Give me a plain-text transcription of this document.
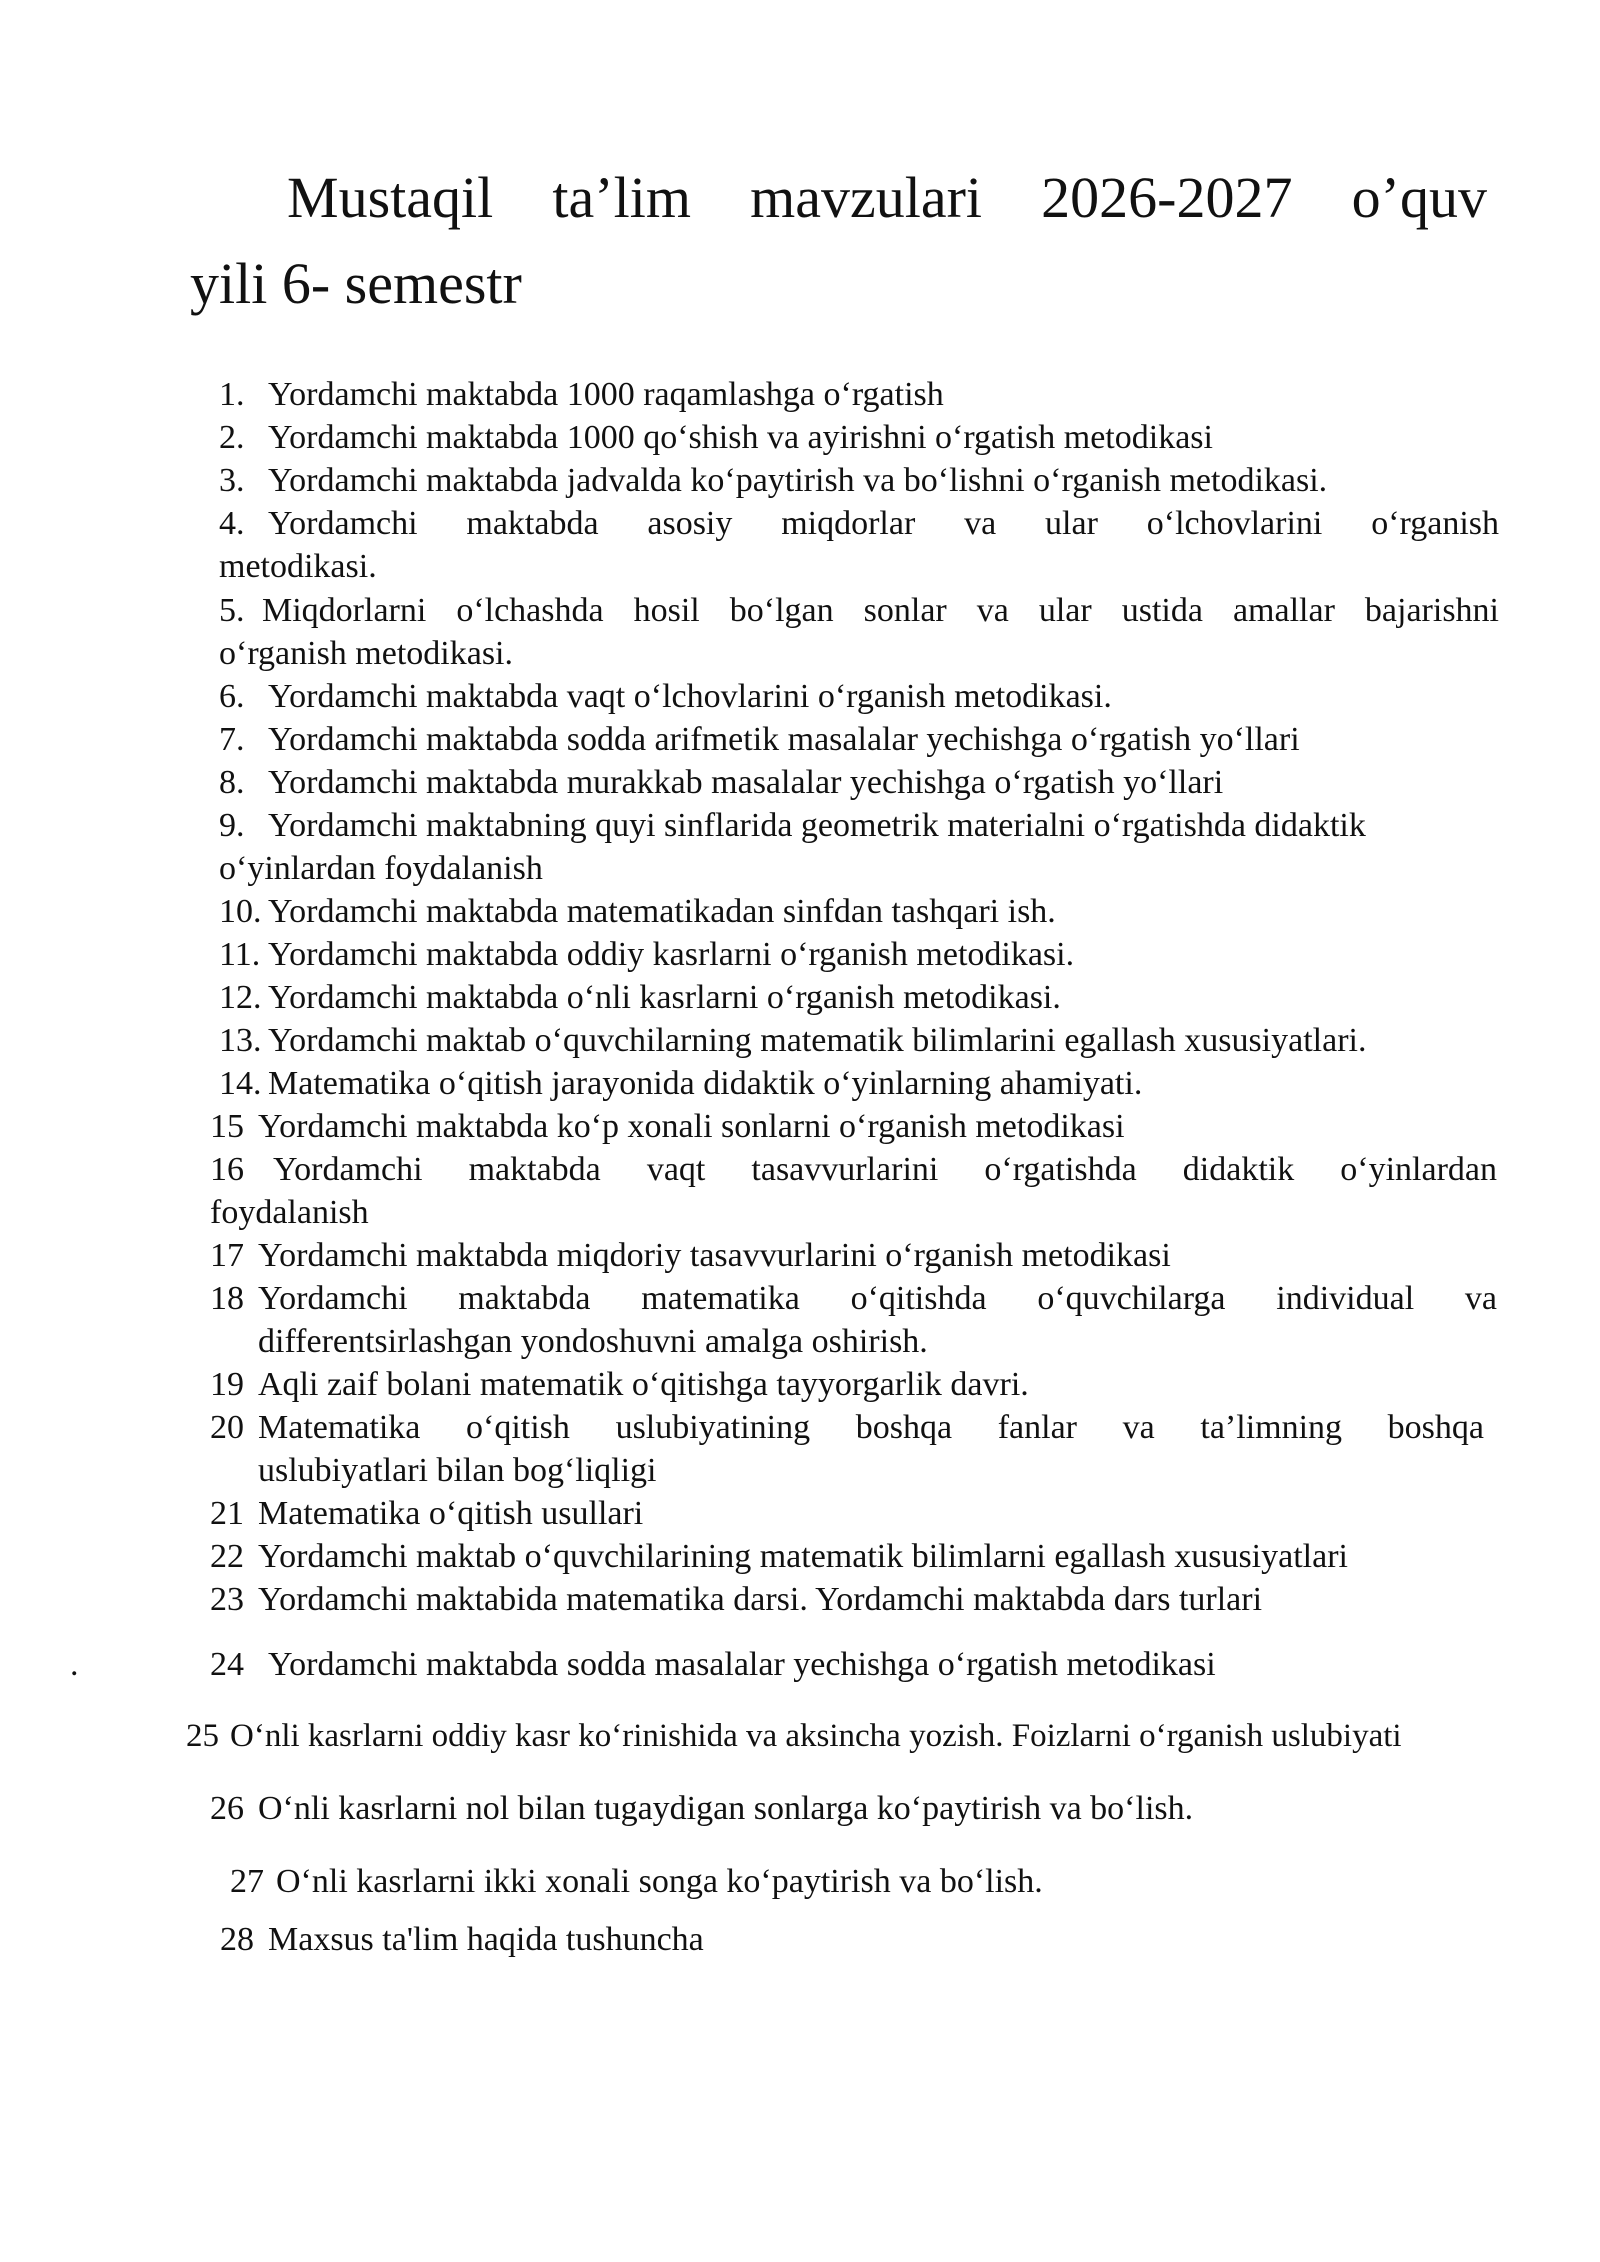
Mustaqil ta’lim mavzulari 2026-2027 o’quv
yili 6- semestr
1. Yordamchi maktabda 1000 raqamlashga o‘rgatish
2. Yordamchi maktabda 1000 qo‘shish va ayirishni o‘rgatish metodikasi
3. Yordamchi maktabda jadvalda ko‘paytirish va bo‘lishni o‘rganish metodikasi.
4. Yordamchi maktabda asosiy miqdorlar va ular o‘lchovlarini o‘rganish
metodikasi.
5. Miqdorlarni o‘lchashda hosil bo‘lgan sonlar va ular ustida amallar bajarishni
o‘rganish metodikasi.
6. Yordamchi maktabda vaqt o‘lchovlarini o‘rganish metodikasi.
7. Yordamchi maktabda sodda arifmetik masalalar yechishga o‘rgatish yo‘llari
8. Yordamchi maktabda murakkab masalalar yechishga o‘rgatish yo‘llari
9. Yordamchi maktabning quyi sinflarida geometrik materialni o‘rgatishda didaktik
o‘yinlardan foydalanish
10. Yordamchi maktabda matematikadan sinfdan tashqari ish.
11. Yordamchi maktabda oddiy kasrlarni o‘rganish metodikasi.
12. Yordamchi maktabda o‘nli kasrlarni o‘rganish metodikasi.
13. Yordamchi maktab o‘quvchilarning matematik bilimlarini egallash xususiyatlari.
14. Matematika o‘qitish jarayonida didaktik o‘yinlarning ahamiyati.
15 Yordamchi maktabda ko‘p xonali sonlarni o‘rganish metodikasi
16 Yordamchi maktabda vaqt tasavvurlarini o‘rgatishda didaktik o‘yinlardan
foydalanish
17 Yordamchi maktabda miqdoriy tasavvurlarini o‘rganish metodikasi
18 Yordamchi maktabda matematika o‘qitishda o‘quvchilarga individual va
differentsirlashgan yondoshuvni amalga oshirish.
19 Aqli zaif bolani matematik o‘qitishga tayyorgarlik davri.
20 Matematika o‘qitish uslubiyatining boshqa fanlar va ta’limning boshqa
uslubiyatlari bilan bog‘liqligi
21 Matematika o‘qitish usullari
22 Yordamchi maktab o‘quvchilarining matematik bilimlarni egallash xususiyatlari
23 Yordamchi maktabida matematika darsi. Yordamchi maktabda dars turlari
.	24 Yordamchi maktabda sodda masalalar yechishga o‘rgatish metodikasi
25 O‘nli kasrlarni oddiy kasr ko‘rinishida va aksincha yozish. Foizlarni o‘rganish uslubiyati
26 O‘nli kasrlarni nol bilan tugaydigan sonlarga ko‘paytirish va bo‘lish.
27 O‘nli kasrlarni ikki xonali songa ko‘paytirish va bo‘lish.
28 Maxsus ta'lim haqida tushuncha
